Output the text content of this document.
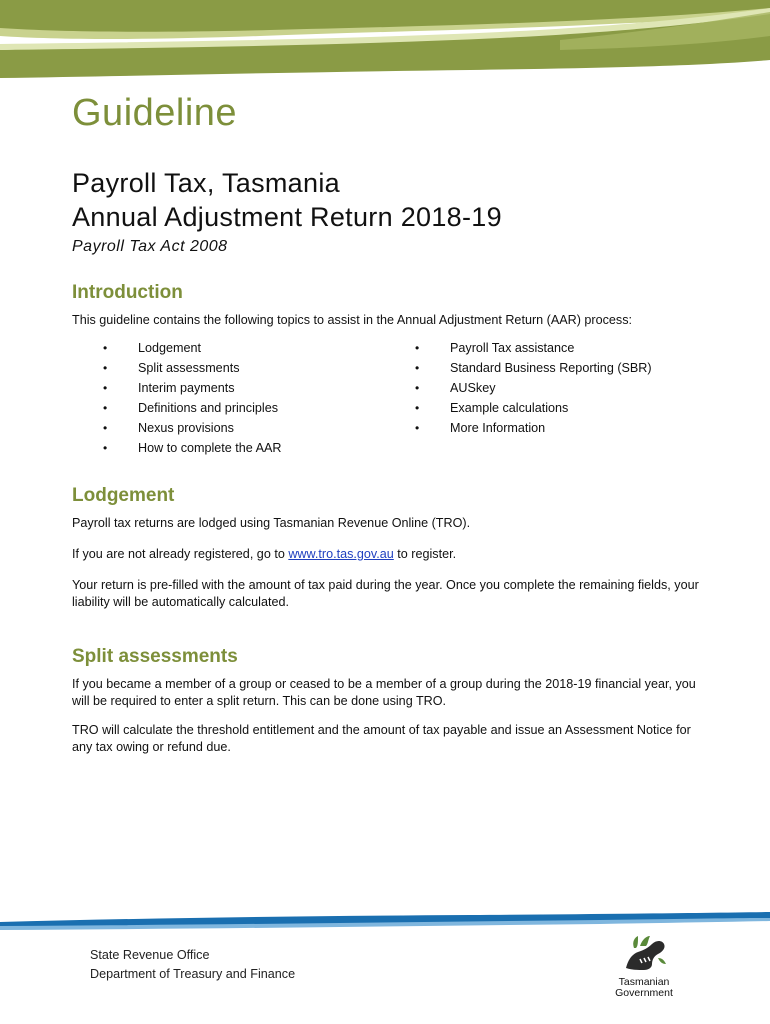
Guideline
Payroll Tax, Tasmania
Annual Adjustment Return 2018-19
Payroll Tax Act 2008
Introduction

This guideline contains the following topics to assist in the Annual Adjustment Return (AAR) process:

• Lodgement
• Split assessments
• Interim payments
• Definitions and principles
• Nexus provisions
• How to complete the AAR
• Payroll Tax assistance
• Standard Business Reporting (SBR)
• AUSkey
• Example calculations
• More Information
Lodgement

Payroll tax returns are lodged using Tasmanian Revenue Online (TRO).

If you are not already registered, go to www.tro.tas.gov.au to register.

Your return is pre-filled with the amount of tax paid during the year. Once you complete the remaining fields, your liability will be automatically calculated.

Split assessments

If you became a member of a group or ceased to be a member of a group during the 2018-19 financial year, you will be required to enter a split return. This can be done using TRO.

TRO will calculate the threshold entitlement and the amount of tax payable and issue an Assessment Notice for any tax owing or refund due.

State Revenue Office
Department of Treasury and Finance
Tasmanian
Government
